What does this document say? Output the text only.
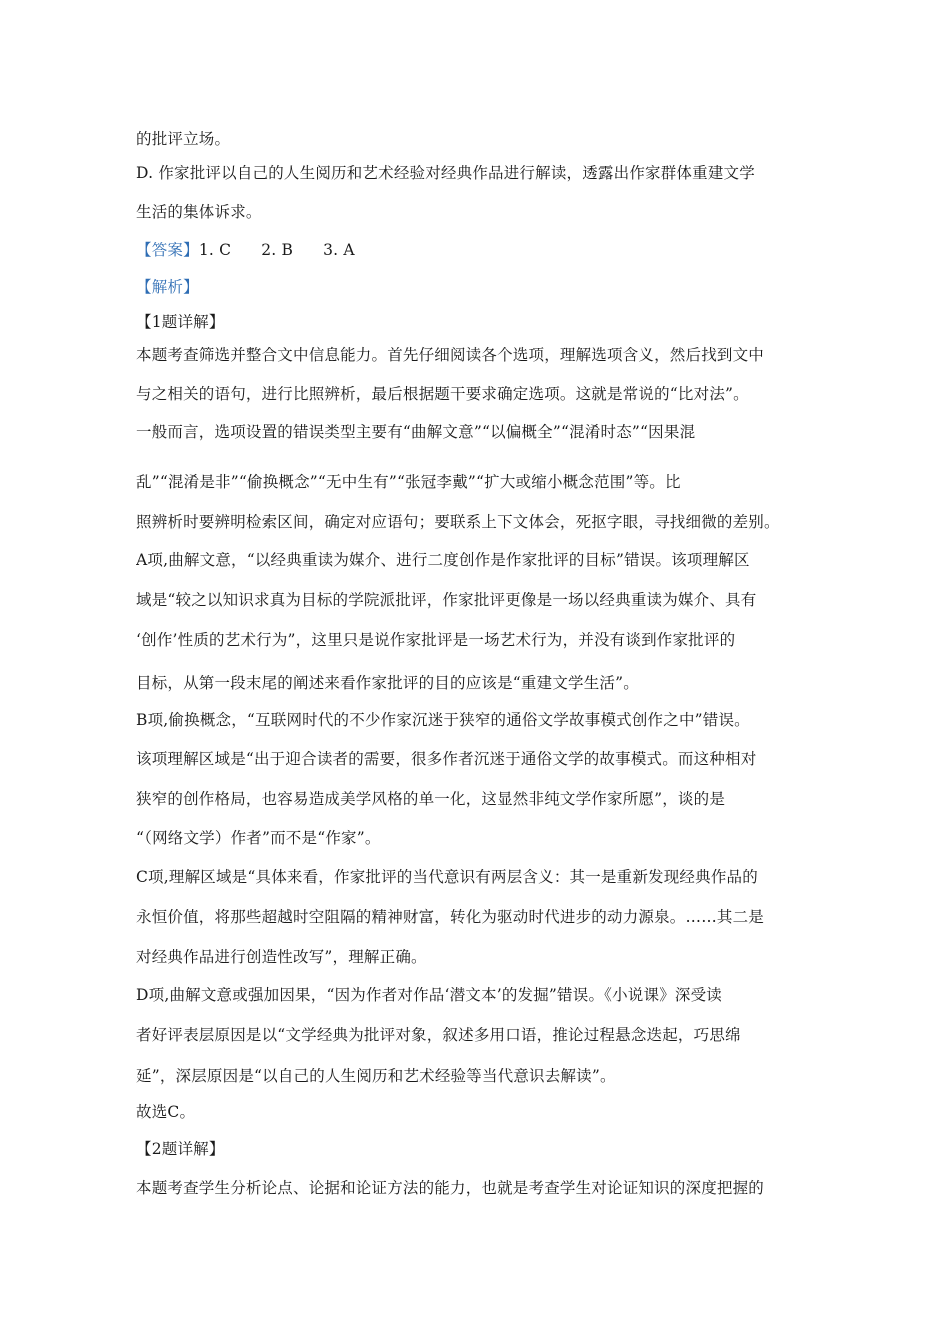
的批评立场。
D. 作家批评以自己的人生阅历和艺术经验对经典作品进行解读，透露出作家群体重建文学
生活的集体诉求。
【答案】1. C 2. B 3. A
【解析】
【1题详解】
本题考查筛选并整合文中信息能力。首先仔细阅读各个选项，理解选项含义，然后找到文中
与之相关的语句，进行比照辨析，最后根据题干要求确定选项。这就是常说的“比对法”。
一般而言，选项设置的错误类型主要有“曲解文意”“以偏概全”“混淆时态”“因果混
乱”“混淆是非”“偷换概念”“无中生有”“张冠李戴”“扩大或缩小概念范围”等。比
照辨析时要辨明检索区间，确定对应语句；要联系上下文体会，死抠字眼，寻找细微的差别。
A项,曲解文意，“以经典重读为媒介、进行二度创作是作家批评的目标”错误。该项理解区
域是“较之以知识求真为目标的学院派批评，作家批评更像是一场以经典重读为媒介、具有
‘创作’性质的艺术行为”，这里只是说作家批评是一场艺术行为，并没有谈到作家批评的
目标，从第一段末尾的阐述来看作家批评的目的应该是“重建文学生活”。
B项,偷换概念，“互联网时代的不少作家沉迷于狭窄的通俗文学故事模式创作之中”错误。
该项理解区域是“出于迎合读者的需要，很多作者沉迷于通俗文学的故事模式。而这种相对
狭窄的创作格局，也容易造成美学风格的单一化，这显然非纯文学作家所愿”，谈的是
“（网络文学）作者”而不是“作家”。
C项,理解区域是“具体来看，作家批评的当代意识有两层含义：其一是重新发现经典作品的
永恒价值，将那些超越时空阻隔的精神财富，转化为驱动时代进步的动力源泉。……其二是
对经典作品进行创造性改写”，理解正确。
D项,曲解文意或强加因果，“因为作者对作品‘潜文本’的发掘”错误。《小说课》深受读
者好评表层原因是以“文学经典为批评对象，叙述多用口语，推论过程悬念迭起，巧思绵
延”，深层原因是“以自己的人生阅历和艺术经验等当代意识去解读”。
故选C。
【2题详解】
本题考查学生分析论点、论据和论证方法的能力，也就是考查学生对论证知识的深度把握的
